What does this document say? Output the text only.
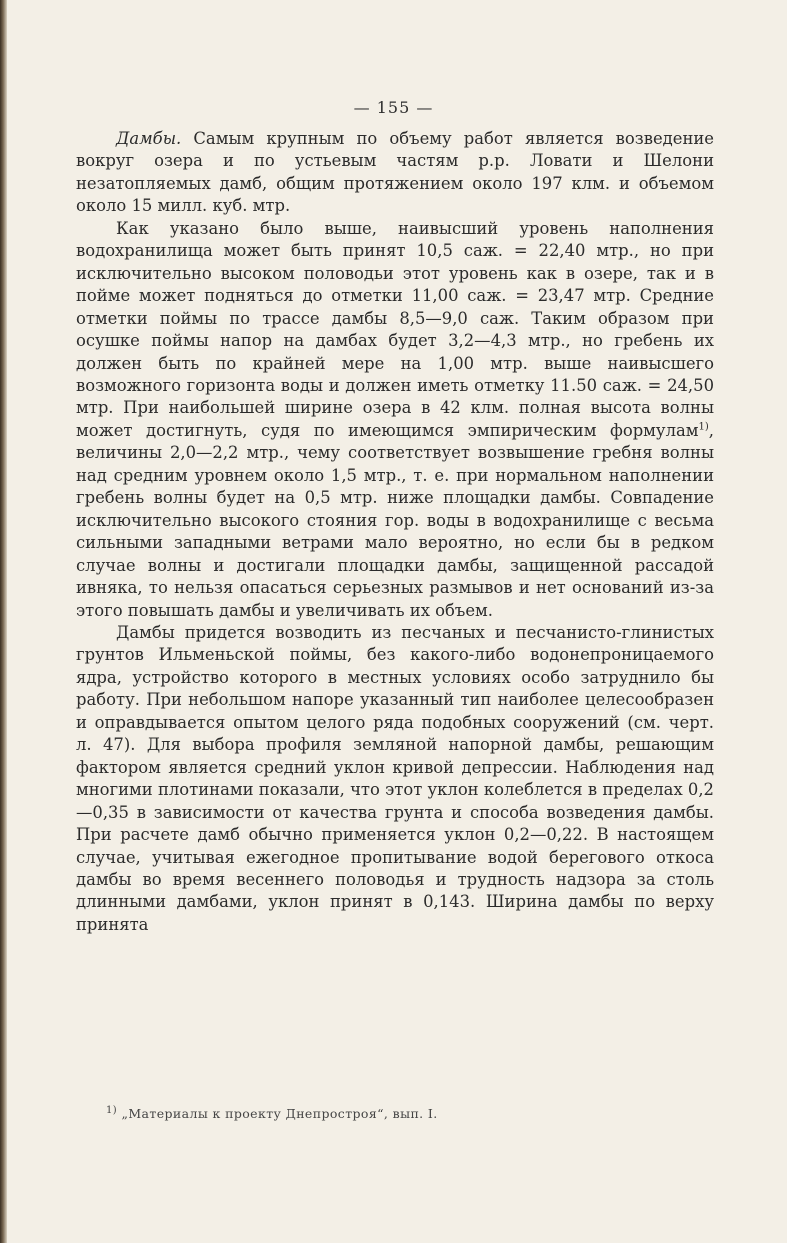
— 155 —

Дамбы. Самым крупным по объему работ является возведение вокруг озера и по устьевым частям р.р. Ловати и Шелони незатопляемых дамб, общим протяжением около 197 клм. и объемом около 15 милл. куб. мтр.

Как указано было выше, наивысший уровень наполнения водохранилища может быть принят 10,5 саж. = 22,40 мтр., но при исключительно высоком половодьи этот уровень как в озере, так и в пойме может подняться до отметки 11,00 саж. = 23,47 мтр. Средние отметки поймы по трассе дамбы 8,5—9,0 саж. Таким образом при осушке поймы напор на дамбах будет 3,2—4,3 мтр., но гребень их должен быть по крайней мере на 1,00 мтр. выше наивысшего возможного горизонта воды и должен иметь отметку 11.50 саж. = 24,50 мтр. При наибольшей ширине озера в 42 клм. полная высота волны может достигнуть, судя по имеющимся эмпирическим формулам$^{1)}$, величины 2,0—2,2 мтр., чему соответствует возвышение гребня волны над средним уровнем около 1,5 мтр., т. е. при нормальном наполнении гребень волны будет на 0,5 мтр. ниже площадки дамбы. Совпадение исключительно высокого стояния гор. воды в водохранилище с весьма сильными западными ветрами мало вероятно, но если бы в редком случае волны и достигали площадки дамбы, защищенной рассадой ивняка, то нельзя опасаться серьезных размывов и нет оснований из-за этого повышать дамбы и увеличивать их объем.

Дамбы придется возводить из песчаных и песчанисто-глинистых грунтов Ильменьской поймы, без какого-либо водонепроницаемого ядра, устройство которого в местных условиях особо затруднило бы работу. При небольшом напоре указанный тип наиболее целесообразен и оправдывается опытом целого ряда подобных сооружений (см. черт. л. 47). Для выбора профиля земляной напорной дамбы, решающим фактором является средний уклон кривой депрессии. Наблюдения над многими плотинами показали, что этот уклон колеблется в пределах 0,2—0,35 в зависимости от качества грунта и способа возведения дамбы. При расчете дамб обычно применяется уклон 0,2—0,22. В настоящем случае, учитывая ежегодное пропитывание водой берегового откоса дамбы во время весеннего половодья и трудность надзора за столь длинными дамбами, уклон принят в 0,143. Ширина дамбы по верху принята

$^{1)}$ „Материалы к проекту Днепростроя“, вып. I.
